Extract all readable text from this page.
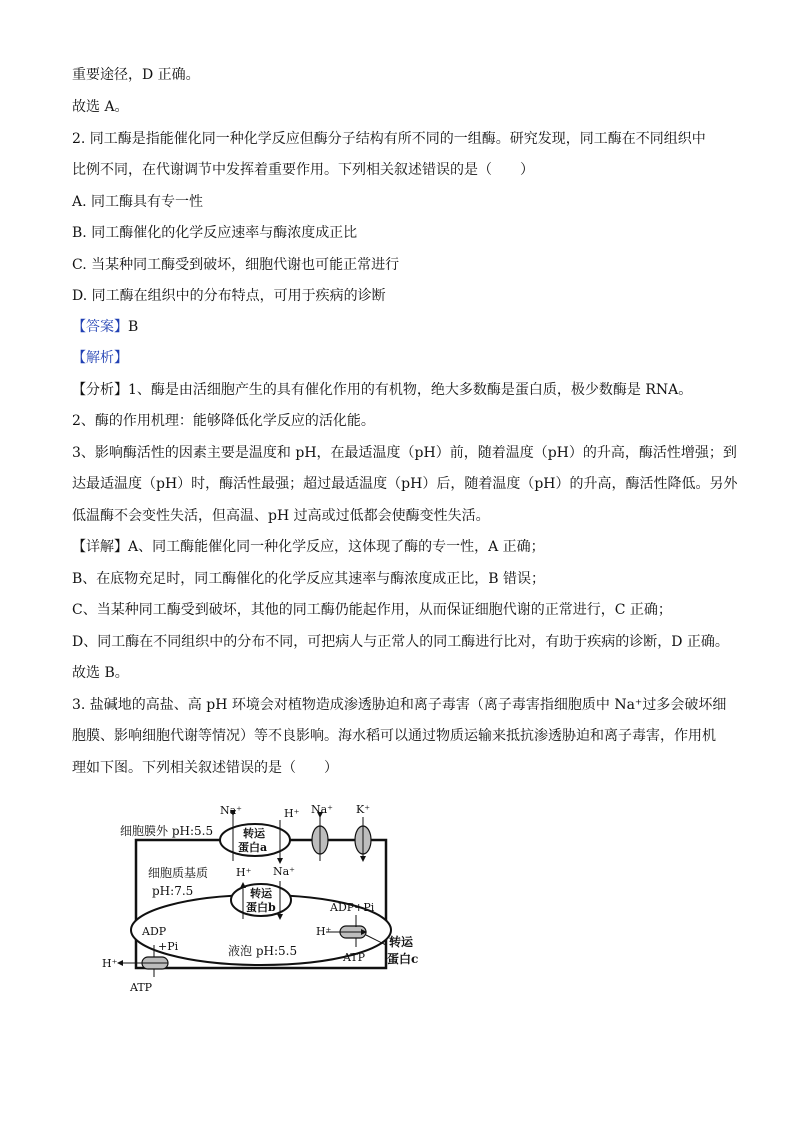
重要途径，D 正确。
故选 A。
2. 同工酶是指能催化同一种化学反应但酶分子结构有所不同的一组酶。研究发现，同工酶在不同组织中
比例不同，在代谢调节中发挥着重要作用。下列相关叙述错误的是（　　）
A. 同工酶具有专一性
B. 同工酶催化的化学反应速率与酶浓度成正比
C. 当某种同工酶受到破坏，细胞代谢也可能正常进行
D. 同工酶在组织中的分布特点，可用于疾病的诊断
【答案】B
【解析】
【分析】1、酶是由活细胞产生的具有催化作用的有机物，绝大多数酶是蛋白质，极少数酶是 RNA。
2、酶的作用机理：能够降低化学反应的活化能。
3、影响酶活性的因素主要是温度和 pH，在最适温度（pH）前，随着温度（pH）的升高，酶活性增强；到
达最适温度（pH）时，酶活性最强；超过最适温度（pH）后，随着温度（pH）的升高，酶活性降低。另外
低温酶不会变性失活，但高温、pH 过高或过低都会使酶变性失活。
【详解】A、同工酶能催化同一种化学反应，这体现了酶的专一性，A 正确；
B、在底物充足时，同工酶催化的化学反应其速率与酶浓度成正比，B 错误；
C、当某种同工酶受到破坏，其他的同工酶仍能起作用，从而保证细胞代谢的正常进行，C 正确；
D、同工酶在不同组织中的分布不同，可把病人与正常人的同工酶进行比对，有助于疾病的诊断，D 正确。
故选 B。
3. 盐碱地的高盐、高 pH 环境会对植物造成渗透胁迫和离子毒害（离子毒害指细胞质中 Na⁺过多会破坏细
胞膜、影响细胞代谢等情况）等不良影响。海水稻可以通过物质运输来抵抗渗透胁迫和离子毒害，作用机
理如下图。下列相关叙述错误的是（　　）
细胞膜外 pH:5.5
细胞质基质
pH:7.5
液泡 pH:5.5
转运
蛋白a
Na⁺	H⁺ Na⁺ K⁺
转运
蛋白b
H⁺ Na⁺
H⁺
ADP+Pi
ATP
转运
蛋白c
H⁺
ADP
+Pi
ATP
